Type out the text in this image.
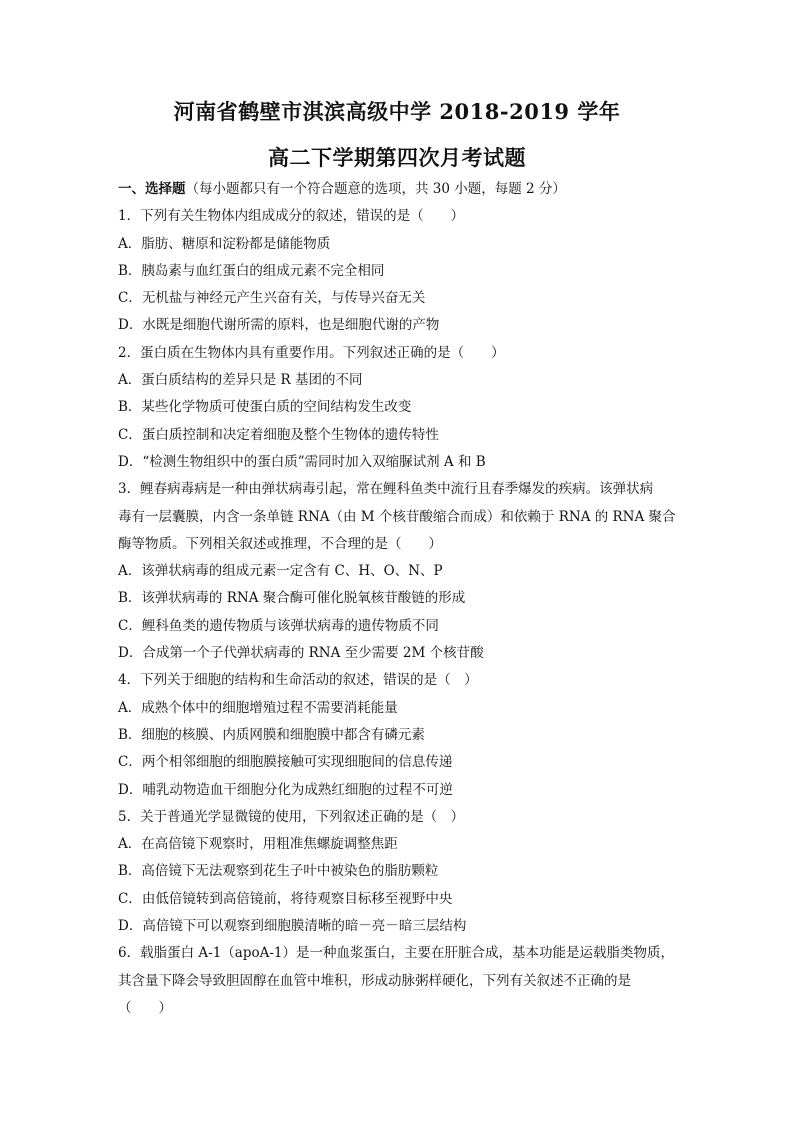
河南省鹤壁市淇滨高级中学 2018-2019 学年
高二下学期第四次月考试题
一、选择题（每小题都只有一个符合题意的选项，共 30 小题，每题 2 分）
1．下列有关生物体内组成成分的叙述，错误的是（　　）
A．脂肪、糖原和淀粉都是储能物质
B．胰岛素与血红蛋白的组成元素不完全相同
C．无机盐与神经元产生兴奋有关，与传导兴奋无关
D．水既是细胞代谢所需的原料，也是细胞代谢的产物
2．蛋白质在生物体内具有重要作用。下列叙述正确的是（　　）
A．蛋白质结构的差异只是 R 基团的不同
B．某些化学物质可使蛋白质的空间结构发生改变
C．蛋白质控制和决定着细胞及整个生物体的遗传特性
D．“检测生物组织中的蛋白质”需同时加入双缩脲试剂 A 和 B
3．鲤春病毒病是一种由弹状病毒引起，常在鲤科鱼类中流行且春季爆发的疾病。该弹状病
毒有一层囊膜，内含一条单链 RNA（由 M 个核苷酸缩合而成）和依赖于 RNA 的 RNA 聚合
酶等物质。下列相关叙述或推理，不合理的是（　　）
A．该弹状病毒的组成元素一定含有 C、H、O、N、P
B．该弹状病毒的 RNA 聚合酶可催化脱氧核苷酸链的形成
C．鲤科鱼类的遗传物质与该弹状病毒的遗传物质不同
D．合成第一个子代弹状病毒的 RNA 至少需要 2M 个核苷酸
4．下列关于细胞的结构和生命活动的叙述，错误的是（　）
A．成熟个体中的细胞增殖过程不需要消耗能量
B．细胞的核膜、内质网膜和细胞膜中都含有磷元素
C．两个相邻细胞的细胞膜接触可实现细胞间的信息传递
D．哺乳动物造血干细胞分化为成熟红细胞的过程不可逆
5．关于普通光学显微镜的使用，下列叙述正确的是（　）
A．在高倍镜下观察时，用粗准焦螺旋调整焦距
B．高倍镜下无法观察到花生子叶中被染色的脂肪颗粒
C．由低倍镜转到高倍镜前，将待观察目标移至视野中央
D．高倍镜下可以观察到细胞膜清晰的暗－亮－暗三层结构
6．载脂蛋白 A-1（apoA-1）是一种血浆蛋白，主要在肝脏合成，基本功能是运载脂类物质，
其含量下降会导致胆固醇在血管中堆积，形成动脉粥样硬化，下列有关叙述不正确的是
（　　）
